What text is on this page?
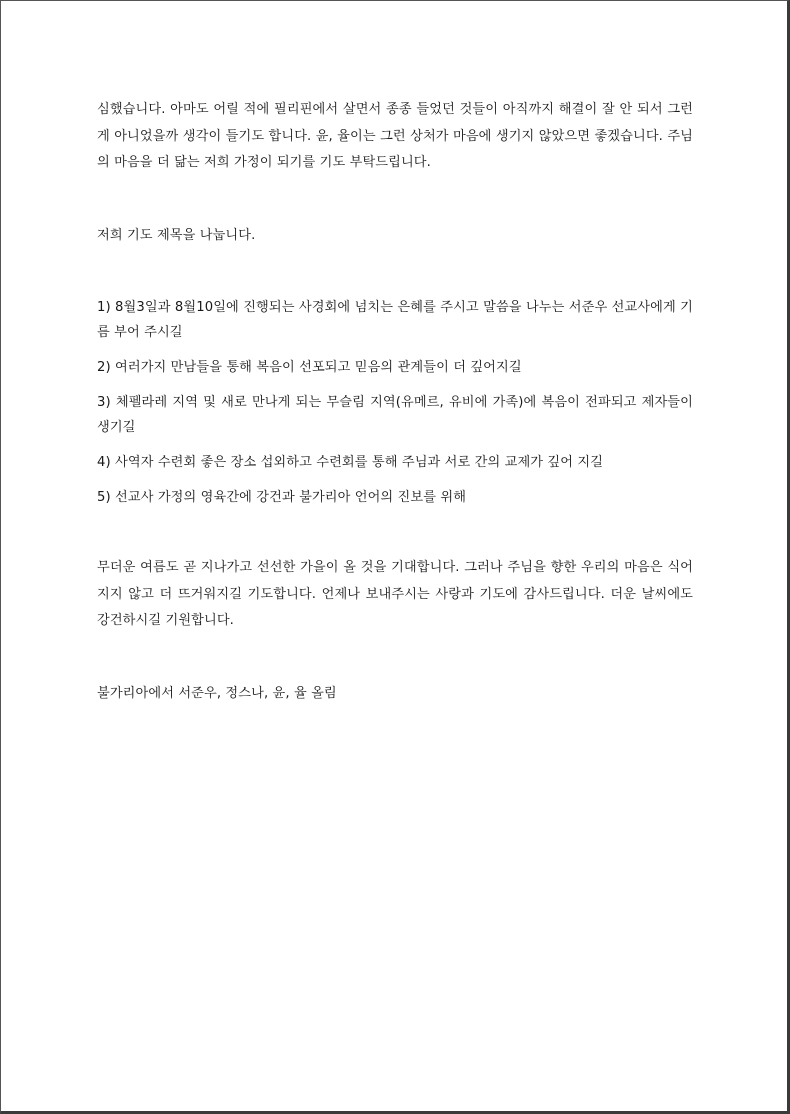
심했습니다. 아마도 어릴 적에 필리핀에서 살면서 종종 들었던 것들이 아직까지 해결이 잘 안 되서 그런게 아니었을까 생각이 들기도 합니다. 윤, 율이는 그런 상처가 마음에 생기지 않았으면 좋겠습니다. 주님의 마음을 더 닮는 저희 가정이 되기를 기도 부탁드립니다.

저희 기도 제목을 나눕니다.

1) 8월3일과 8월10일에 진행되는 사경회에 넘치는 은혜를 주시고 말씀을 나누는 서준우 선교사에게 기름 부어 주시길
2) 여러가지 만남들을 통해 복음이 선포되고 믿음의 관계들이 더 깊어지길
3) 체펠라레 지역 및 새로 만나게 되는 무슬림 지역(유메르, 유비에 가족)에 복음이 전파되고 제자들이 생기길
4) 사역자 수련회 좋은 장소 섭외하고 수련회를 통해 주님과 서로 간의 교제가 깊어 지길
5) 선교사 가정의 영육간에 강건과 불가리아 언어의 진보를 위해

무더운 여름도 곧 지나가고 선선한 가을이 올 것을 기대합니다. 그러나 주님을 향한 우리의 마음은 식어지지 않고 더 뜨거워지길 기도합니다. 언제나 보내주시는 사랑과 기도에 감사드립니다. 더운 날씨에도 강건하시길 기원합니다.

불가리아에서 서준우, 정스나, 윤, 율 올림
